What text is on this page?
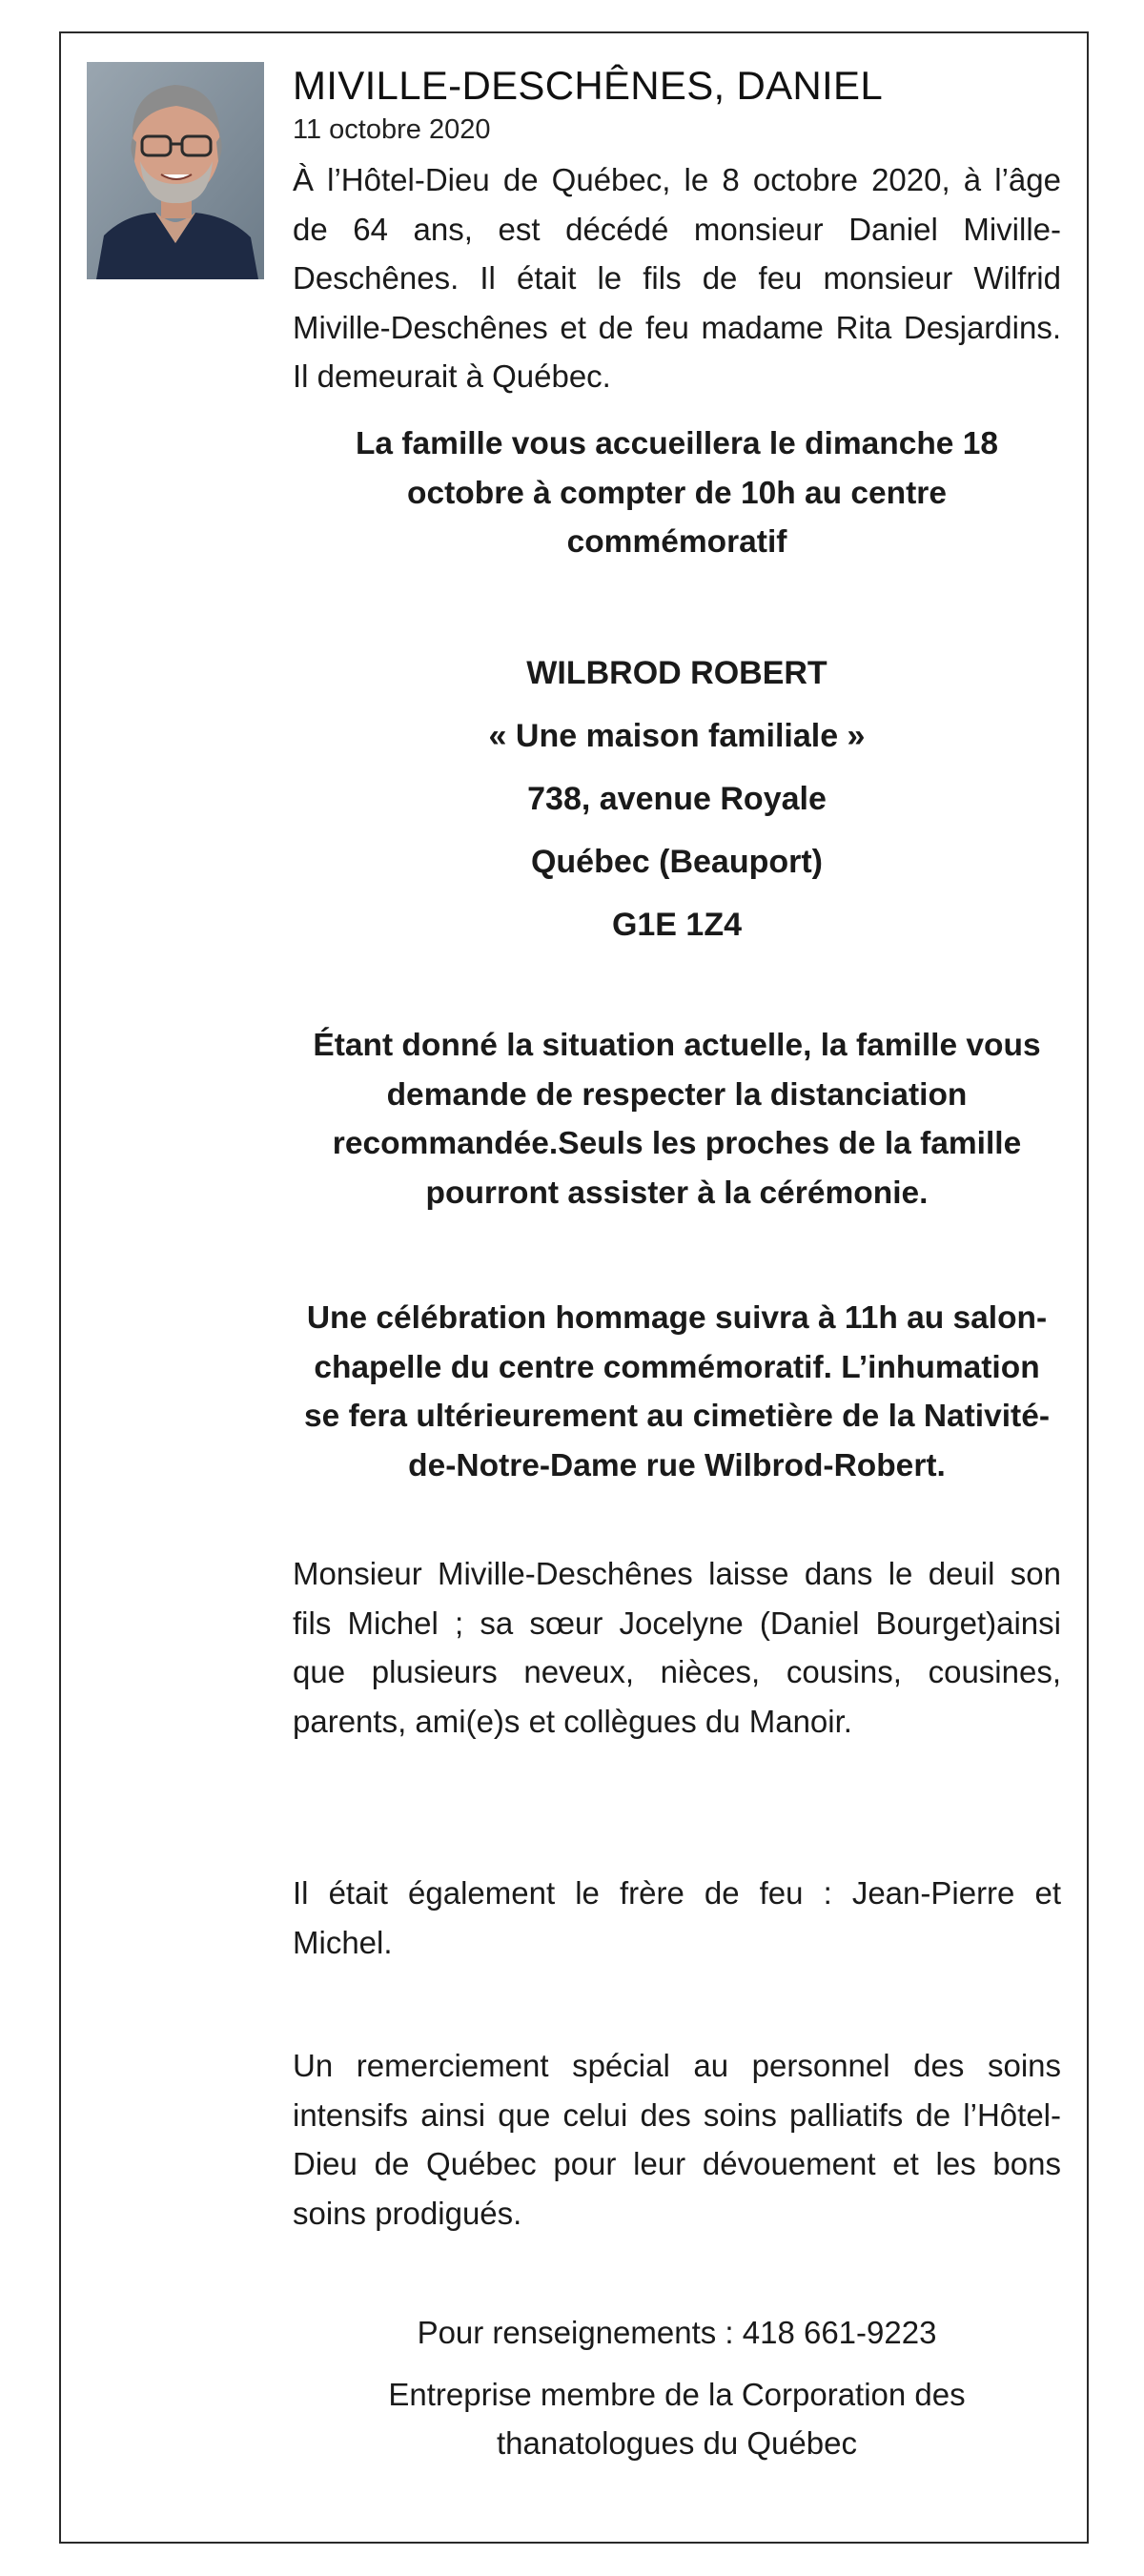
MIVILLE-DESCHÊNES, DANIEL
11 octobre 2020
À l’Hôtel-Dieu de Québec, le 8 octobre 2020, à l’âge de 64 ans, est décédé monsieur Daniel Miville-Deschênes. Il était le fils de feu monsieur Wilfrid Miville-Deschênes et de feu madame Rita Desjardins. Il demeurait à Québec.
La famille vous accueillera le dimanche 18 octobre à compter de 10h au centre commémoratif
WILBROD ROBERT
« Une maison familiale »
738, avenue Royale
Québec (Beauport)
G1E 1Z4
Étant donné la situation actuelle, la famille vous demande de respecter la distanciation recommandée.Seuls les proches de la famille pourront assister à la cérémonie.
Une célébration hommage suivra à 11h au salon-chapelle du centre commémoratif. L’inhumation se fera ultérieurement au cimetière de la Nativité-de-Notre-Dame rue Wilbrod-Robert.
Monsieur Miville-Deschênes laisse dans le deuil son fils Michel ; sa sœur Jocelyne (Daniel Bourget)ainsi que plusieurs neveux, nièces, cousins, cousines, parents, ami(e)s et collègues du Manoir.
Il était également le frère de feu : Jean-Pierre et Michel.
Un remerciement spécial au personnel des soins intensifs ainsi que celui des soins palliatifs de l’Hôtel-Dieu de Québec pour leur dévouement et les bons soins prodigués.
Pour renseignements : 418 661-9223
Entreprise membre de la Corporation des thanatologues du Québec
